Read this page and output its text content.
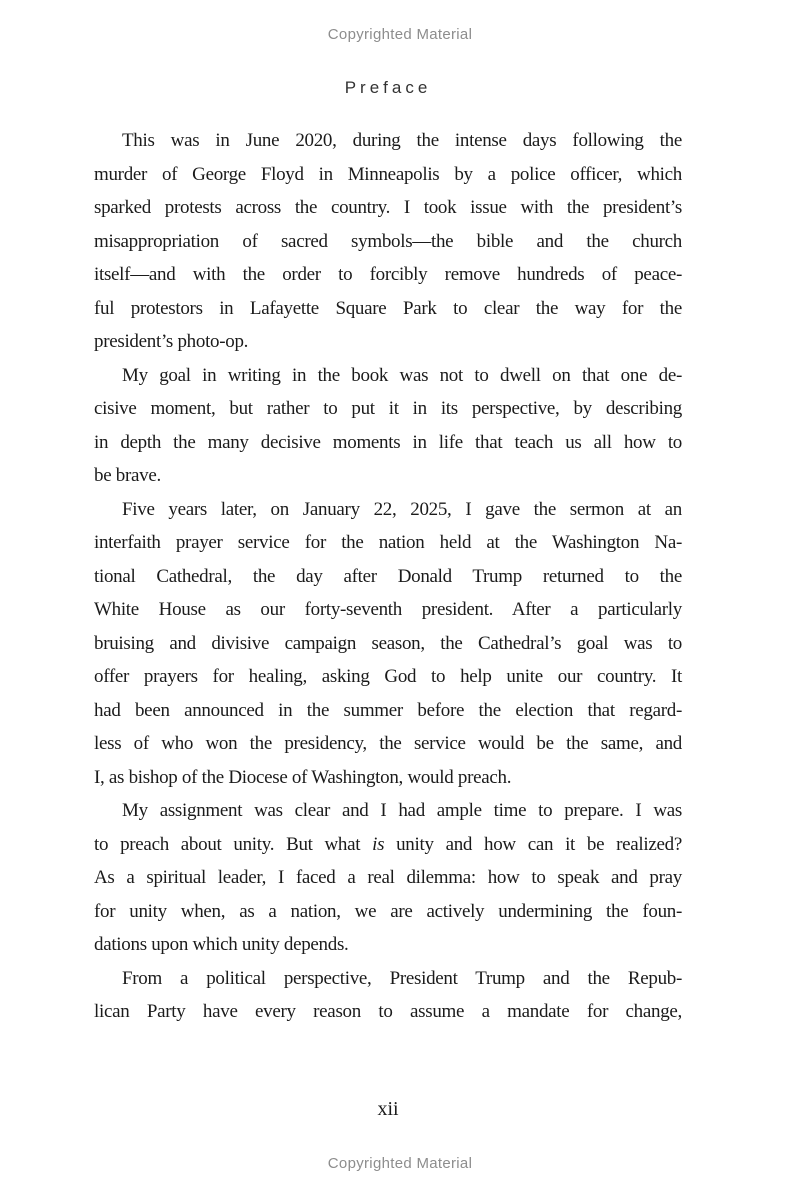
Copyrighted Material
Preface
This was in June 2020, during the intense days following the
murder of George Floyd in Minneapolis by a police officer, which
sparked protests across the country. I took issue with the president’s
misappropriation of sacred symbols—the bible and the church
itself—and with the order to forcibly remove hundreds of peace-
ful protestors in Lafayette Square Park to clear the way for the
president’s photo-op.
My goal in writing in the book was not to dwell on that one de-
cisive moment, but rather to put it in its perspective, by describing
in depth the many decisive moments in life that teach us all how to
be brave.
Five years later, on January 22, 2025, I gave the sermon at an
interfaith prayer service for the nation held at the Washington Na-
tional Cathedral, the day after Donald Trump returned to the
White House as our forty-seventh president. After a particularly
bruising and divisive campaign season, the Cathedral’s goal was to
offer prayers for healing, asking God to help unite our country. It
had been announced in the summer before the election that regard-
less of who won the presidency, the service would be the same, and
I, as bishop of the Diocese of Washington, would preach.
My assignment was clear and I had ample time to prepare. I was
to preach about unity. But what is unity and how can it be realized?
As a spiritual leader, I faced a real dilemma: how to speak and pray
for unity when, as a nation, we are actively undermining the foun-
dations upon which unity depends.
From a political perspective, President Trump and the Repub-
lican Party have every reason to assume a mandate for change,
xii
Copyrighted Material
